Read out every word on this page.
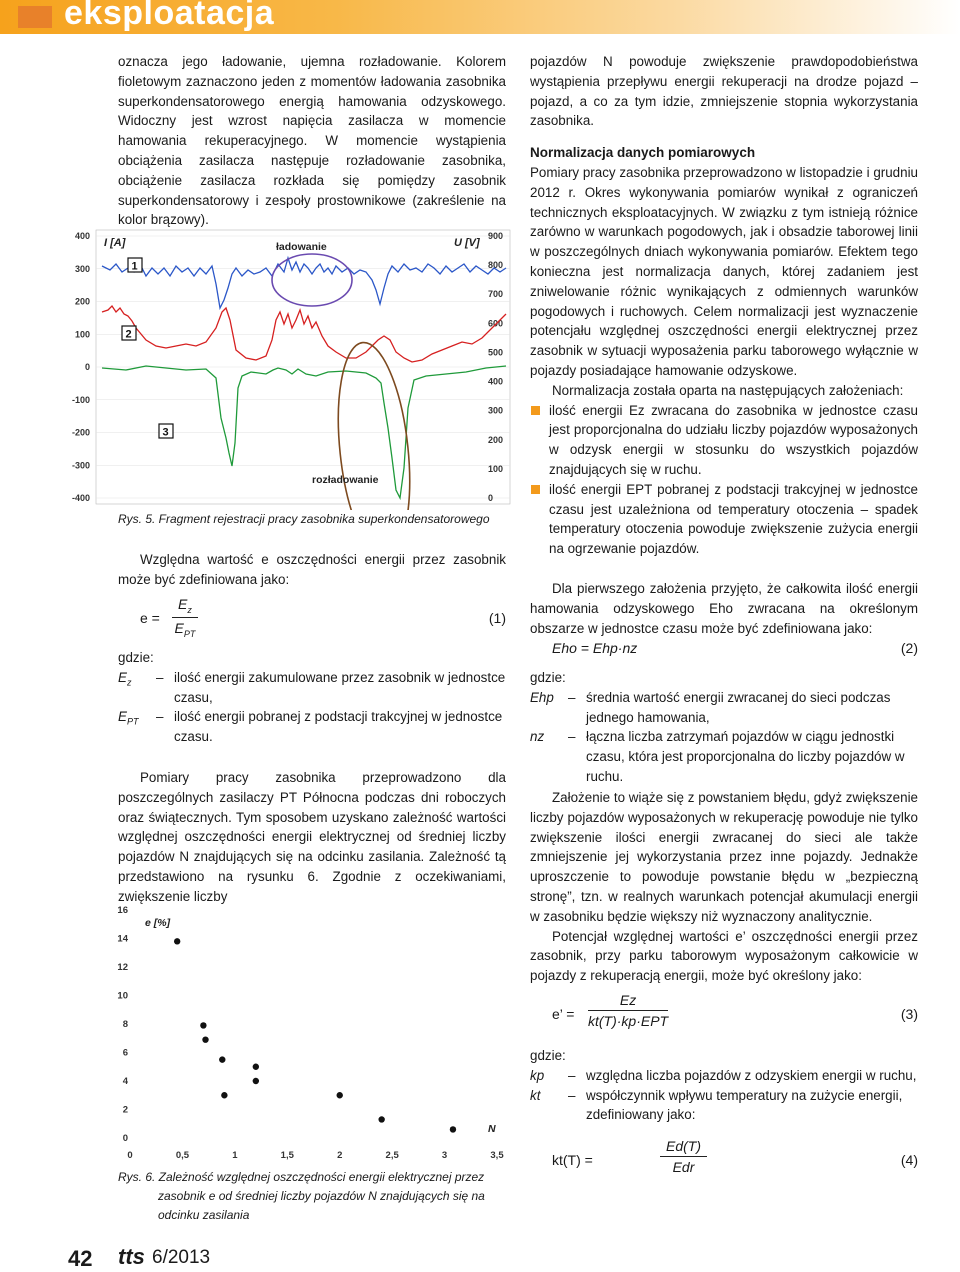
eksploatacja

oznacza jego ładowanie, ujemna rozładowanie. Kolorem fioletowym zaznaczono jeden z momentów ładowania zasobnika superkondensatorowego energią hamowania odzyskowego. Widoczny jest wzrost napięcia zasilacza w momencie hamowania rekuperacyjnego. W momencie wystąpienia obciążenia zasilacza następuje rozładowanie zasobnika, obciążenie zasilacza rozkłada się pomiędzy zasobnik superkondensatorowy i zespoły prostownikowe (zakreślenie na kolor brązowy).

400
300
200
100
0
-100
-200
-300
-400
900
800
700
600
500
400
300
200
100
0
ładowanie
rozładowanie
I [A]	U [V]
1
2
3
Rys. 5. Fragment rejestracji pracy zasobnika superkondensatorowego

Względna wartość e oszczędności energii przez zasobnik może być zdefiniowana jako:

e =
$E_z$
$E_{PT}$
(1)
gdzie:
$E_z$	– ilość energii zakumulowane przez zasobnik w jednostce czasu,
$E_{PT}$	– ilość energii pobranej z podstacji trakcyjnej w jednostce czasu.

Pomiary pracy zasobnika przeprowadzono dla poszczególnych zasilaczy PT Północna podczas dni roboczych oraz świątecznych. Tym sposobem uzyskano zależność wartości względnej oszczędności energii elektrycznej od średniej liczby pojazdów N znajdujących się na odcinku zasilania. Zależność tą przedstawiono na rysunku 6. Zgodnie z oczekiwaniami, zwiększenie liczby

0
2
4
6
8
10
12
14
16
0	0,5	1	1,5	2	2,5	3	3,5
e [%]
N
Rys. 6. Zależność względnej oszczędności energii elektrycznej przez zasobnik e od średniej liczby pojazdów N znajdujących się na odcinku zasilania

pojazdów N powoduje zwiększenie prawdopodobieństwa wystąpienia przepływu energii rekuperacji na drodze pojazd – pojazd, a co za tym idzie, zmniejszenie stopnia wykorzystania zasobnika.

Normalizacja danych pomiarowych

Pomiary pracy zasobnika przeprowadzono w listopadzie i grudniu 2012 r. Okres wykonywania pomiarów wynikał z ograniczeń technicznych eksploatacyjnych. W związku z tym istnieją różnice zarówno w warunkach pogodowych, jak i obsadzie taborowej linii w poszczególnych dniach wykonywania pomiarów. Efektem tego konieczna jest normalizacja danych, której zadaniem jest zniwelowanie różnic wynikających z odmiennych warunków pogodowych i ruchowych. Celem normalizacji jest wyznaczenie potencjału względnej oszczędności energii elektrycznej przez zasobnik w sytuacji wyposażenia parku taborowego wyłącznie w pojazdy posiadające hamowanie odzyskowe.

Normalizacja została oparta na następujących założeniach:

ilość energii Ez zwracana do zasobnika w jednostce czasu jest proporcjonalna do udziału liczby pojazdów wyposażonych w odzysk energii w stosunku do wszystkich pojazdów znajdujących się w ruchu.
ilość energii EPT pobranej z podstacji trakcyjnej w jednostce czasu jest uzależniona od temperatury otoczenia – spadek temperatury otoczenia powoduje zwiększenie zużycia energii na ogrzewanie pojazdów.

Dla pierwszego założenia przyjęto, że całkowita ilość energii hamowania odzyskowego Eho zwracana na określonym obszarze w jednostce czasu może być zdefiniowana jako:

Eho = Ehp·nz	(2)
gdzie:
Ehp	– średnia wartość energii zwracanej do sieci podczas jednego hamowania,
nz	– łączna liczba zatrzymań pojazdów w ciągu jednostki czasu, która jest proporcjonalna do liczby pojazdów w ruchu.

Założenie to wiąże się z powstaniem błędu, gdyż zwiększenie liczby pojazdów wyposażonych w rekuperację powoduje nie tylko zwiększenie ilości energii zwracanej do sieci ale także zmniejszenie jej wykorzystania przez inne pojazdy. Jednakże uproszczenie to powoduje powstanie błędu w „bezpieczną stronę”, tzn. w realnych warunkach potencjał akumulacji energii w zasobniku będzie większy niż wyznaczony analitycznie.

Potencjał względnej wartości e’ oszczędności energii przez zasobnik, przy parku taborowym wyposażonym całkowicie w pojazdy z rekuperacją energii, może być określony jako:

e’ =
Ez
kt(T)·kp·EPT	(3)
gdzie:
kp	– względna liczba pojazdów z odzyskiem energii w ruchu,
kt	– współczynnik wpływu temperatury na zużycie energii, zdefiniowany jako:
kt(T) =
Ed(T)
Edr	(4)
42 tts 6/2013
